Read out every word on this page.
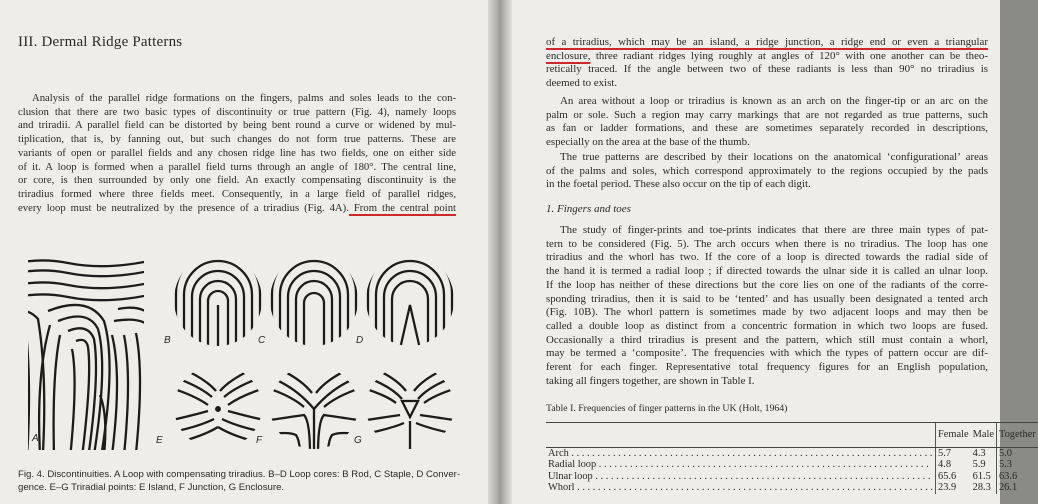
III. Dermal Ridge Patterns

Analysis of the parallel ridge formations on the fingers, palms and soles leads to the con-
clusion that there are two basic types of discontinuity or true pattern (Fig. 4), namely loops
and triradii. A parallel field can be distorted by being bent round a curve or widened by mul-
tiplication, that is, by fanning out, but such changes do not form true patterns. These are
variants of open or parallel fields and any chosen ridge line has two fields, one on either side
of it. A loop is formed when a parallel field turns through an angle of 180°. The central line,
or core, is then surrounded by only one field. An exactly compensating discontinuity is the
triradius formed where three fields meet. Consequently, in a large field of parallel ridges,
every loop must be neutralized by the presence of a triradius (Fig. 4A). From the central point

A
B	C	D
E	F	G
Fig. 4. Discontinuities. A Loop with compensating triradius. B–D Loop cores: B Rod, C Staple, D Conver-
gence. E–G Triradial points: E Island, F Junction, G Enclosure.

of a triradius, which may be an island, a ridge junction, a ridge end or even a triangular
enclosure, three radiant ridges lying roughly at angles of 120° with one another can be theo-
retically traced. If the angle between two of these radiants is less than 90° no triradius is
deemed to exist.

An area without a loop or triradius is known as an arch on the finger-tip or an arc on the
palm or sole. Such a region may carry markings that are not regarded as true patterns, such
as fan or ladder formations, and these are sometimes separately recorded in descriptions,
especially on the area at the base of the thumb.

The true patterns are described by their locations on the anatomical ‘configurational’ areas
of the palms and soles, which correspond approximately to the regions occupied by the pads
in the foetal period. These also occur on the tip of each digit.

1. Fingers and toes

The study of finger-prints and toe-prints indicates that there are three main types of pat-
tern to be considered (Fig. 5). The arch occurs when there is no triradius. The loop has one
triradius and the whorl has two. If the core of a loop is directed towards the radial side of
the hand it is termed a radial loop ; if directed towards the ulnar side it is called an ulnar loop.
If the loop has neither of these directions but the core lies on one of the radiants of the corre-
sponding triradius, then it is said to be ‘tented’ and has usually been designated a tented arch
(Fig. 10B). The whorl pattern is sometimes made by two adjacent loops and may then be
called a double loop as distinct from a concentric formation in which two loops are fused.
Occasionally a third triradius is present and the pattern, which still must contain a whorl,
may be termed a ‘composite’. The frequencies with which the types of pattern occur are dif-
ferent for each finger. Representative total frequency figures for an English population,
taking all fingers together, are shown in Table I.

Table I. Frequencies of finger patterns in the UK (Holt, 1964)
	Female	Male	Together
Arch . . . . . . . . . . . . . . . . . . . . . . . . . . . . . . . . . . . . . . . . . . . . . . . . . . . . . . . . . . . . . . . . . . . . . .	5.7	4.3	5.0
Radial loop . . . . . . . . . . . . . . . . . . . . . . . . . . . . . . . . . . . . . . . . . . . . . . . . . . . . . . . . . . . . . . . .	4.8	5.9	5.3
Ulnar loop . . . . . . . . . . . . . . . . . . . . . . . . . . . . . . . . . . . . . . . . . . . . . . . . . . . . . . . . . . . . . . . . .	65.6	61.5	63.6
Whorl . . . . . . . . . . . . . . . . . . . . . . . . . . . . . . . . . . . . . . . . . . . . . . . . . . . . . . . . . . . . . . . . . . . . .	23.9	28.3	26.1
